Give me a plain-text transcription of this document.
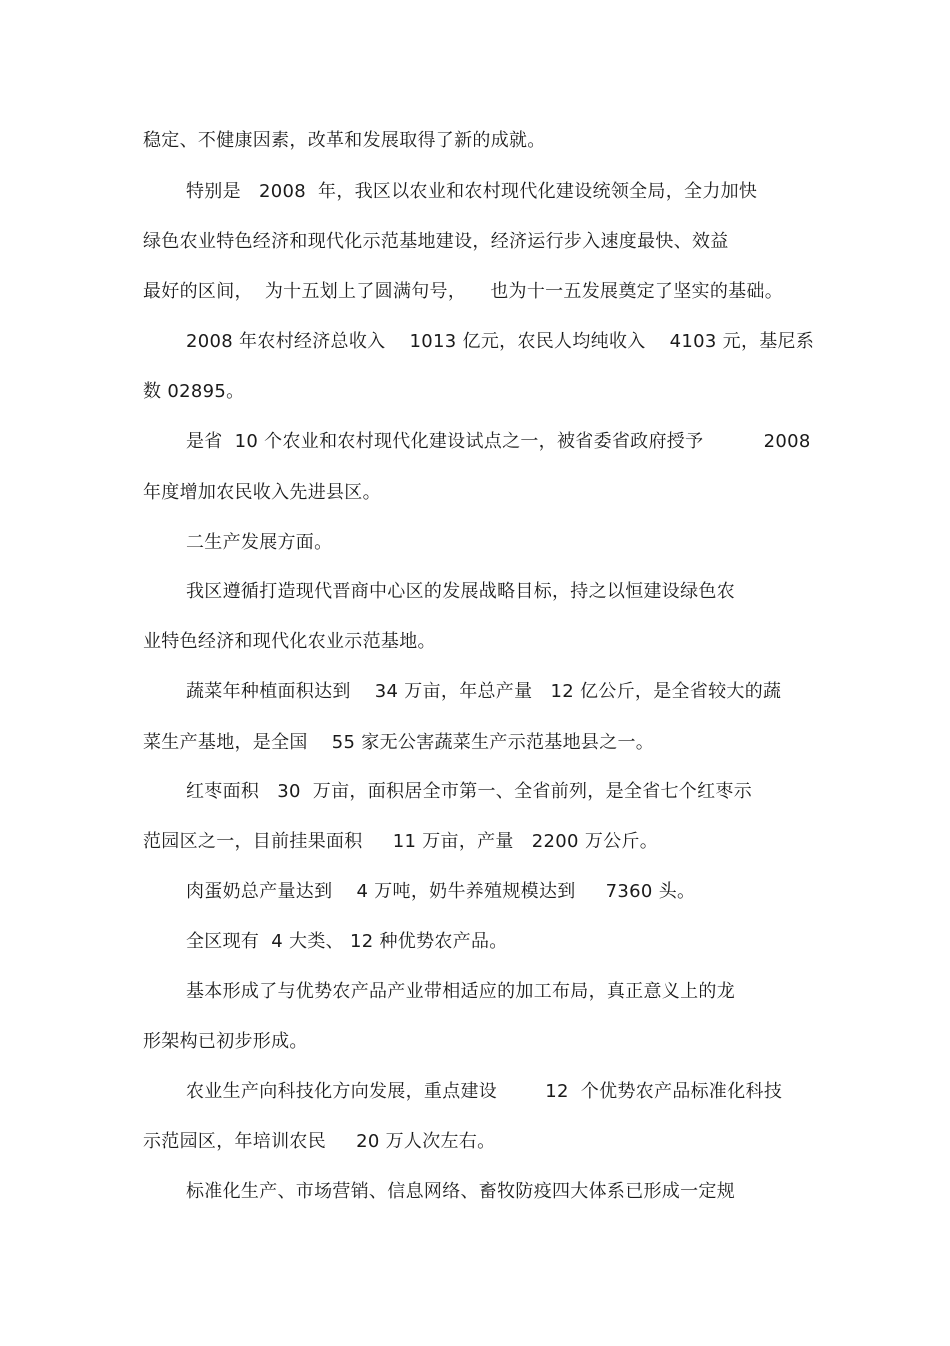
稳定、不健康因素，改革和发展取得了新的成就。
特别是   2008  年，我区以农业和农村现代化建设统领全局，全力加快
绿色农业特色经济和现代化示范基地建设，经济运行步入速度最快、效益
最好的区间，  为十五划上了圆满句号，    也为十一五发展奠定了坚实的基础。
2008 年农村经济总收入    1013 亿元，农民人均纯收入    4103 元，基尼系
数 02895。
是省  10 个农业和农村现代化建设试点之一，被省委省政府授予          2008
年度增加农民收入先进县区。
二生产发展方面。
我区遵循打造现代晋商中心区的发展战略目标，持之以恒建设绿色农
业特色经济和现代化农业示范基地。
蔬菜年种植面积达到    34 万亩，年总产量   12 亿公斤，是全省较大的蔬
菜生产基地，是全国    55 家无公害蔬菜生产示范基地县之一。
红枣面积   30  万亩，面积居全市第一、全省前列，是全省七个红枣示
范园区之一，目前挂果面积     11 万亩，产量   2200 万公斤。
肉蛋奶总产量达到    4 万吨，奶牛养殖规模达到     7360 头。
全区现有  4 大类、 12 种优势农产品。
基本形成了与优势农产品产业带相适应的加工布局，真正意义上的龙
形架构已初步形成。
农业生产向科技化方向发展，重点建设        12  个优势农产品标准化科技
示范园区，年培训农民     20 万人次左右。
标准化生产、市场营销、信息网络、畜牧防疫四大体系已形成一定规
